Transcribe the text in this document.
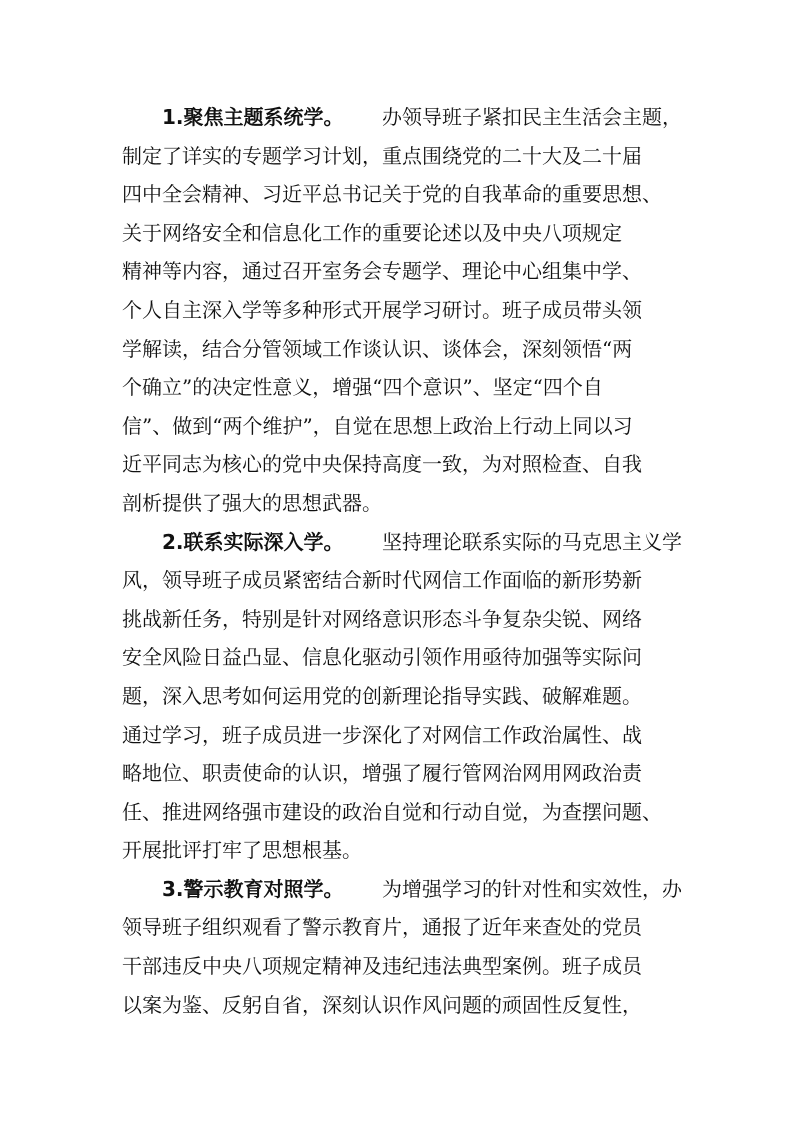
1.聚焦主题系统学。 办领导班子紧扣民主生活会主题，
制定了详实的专题学习计划，重点围绕党的二十大及二十届
四中全会精神、习近平总书记关于党的自我革命的重要思想、
关于网络安全和信息化工作的重要论述以及中央八项规定
精神等内容，通过召开室务会专题学、理论中心组集中学、
个人自主深入学等多种形式开展学习研讨。班子成员带头领
学解读，结合分管领域工作谈认识、谈体会，深刻领悟“两
个确立”的决定性意义，增强“四个意识”、坚定“四个自
信”、做到“两个维护”，自觉在思想上政治上行动上同以习
近平同志为核心的党中央保持高度一致，为对照检查、自我
剖析提供了强大的思想武器。
2.联系实际深入学。 坚持理论联系实际的马克思主义学
风，领导班子成员紧密结合新时代网信工作面临的新形势新
挑战新任务，特别是针对网络意识形态斗争复杂尖锐、网络
安全风险日益凸显、信息化驱动引领作用亟待加强等实际问
题，深入思考如何运用党的创新理论指导实践、破解难题。
通过学习，班子成员进一步深化了对网信工作政治属性、战
略地位、职责使命的认识，增强了履行管网治网用网政治责
任、推进网络强市建设的政治自觉和行动自觉，为查摆问题、
开展批评打牢了思想根基。
3.警示教育对照学。 为增强学习的针对性和实效性，办
领导班子组织观看了警示教育片，通报了近年来查处的党员
干部违反中央八项规定精神及违纪违法典型案例。班子成员
以案为鉴、反躬自省，深刻认识作风问题的顽固性反复性，
